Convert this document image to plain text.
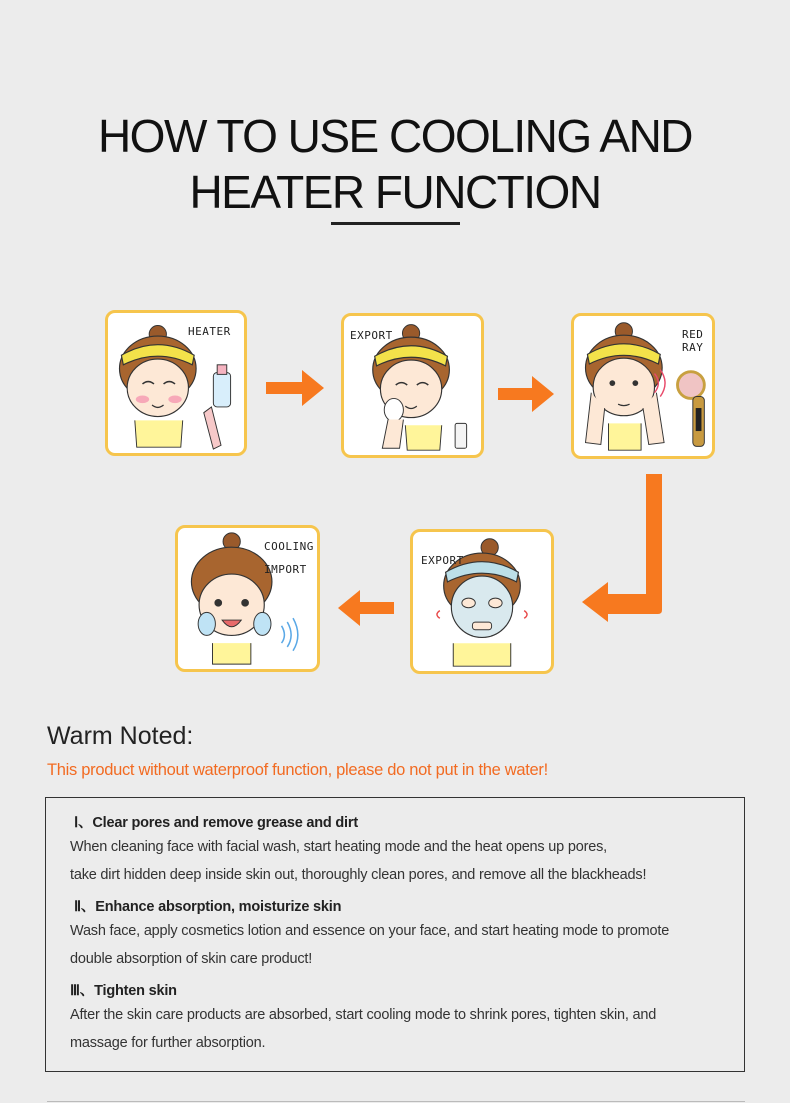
HOW TO USE COOLING AND
HEATER FUNCTION
HEATER	EXPORT	RED
RAY
EXPORT
COOLING
IMPORT
Warm Noted:
This product without waterproof function, please do not put in the water!
Ⅰ、Clear pores and remove grease and dirt
When cleaning face with facial wash, start heating mode and the heat opens up pores,
take dirt hidden deep inside skin out, thoroughly clean pores, and remove all the blackheads!
Ⅱ、Enhance absorption, moisturize skin
Wash face, apply cosmetics lotion and essence on your face, and start heating mode to promote
double absorption of skin care product!
Ⅲ、Tighten skin
After the skin care products are absorbed, start cooling mode to shrink pores, tighten skin, and
massage for further absorption.
